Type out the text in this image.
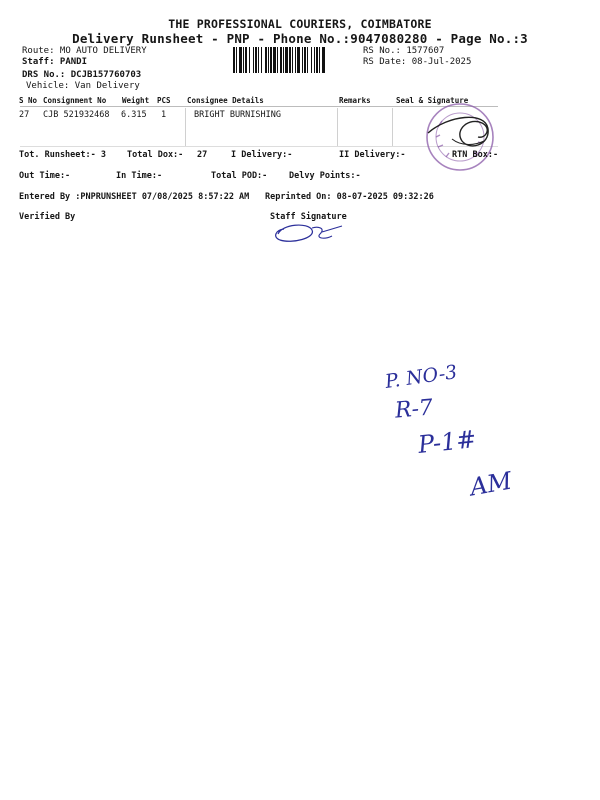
THE PROFESSIONAL COURIERS, COIMBATORE
Delivery Runsheet - PNP - Phone No.:9047080280 - Page No.:3
Route: MO AUTO DELIVERY
Staff: PANDI
DRS No.: DCJB157760703
Vehicle: Van Delivery
RS No.: 1577607
RS Date: 08-Jul-2025
S No Consignment No Weight PCS Consignee Details	Remarks	Seal & Signature
27 CJB 521932468 6.315 1	BRIGHT BURNISHING
Tot. Runsheet:- 3 Total Dox:- 27	I Delivery:-	II Delivery:-	RTN Box:-
Out Time:-	In Time:-	Total POD:-	Delvy Points:-
Entered By :PNPRUNSHEET 07/08/2025 8:57:22 AM Reprinted On: 08-07-2025 09:32:26
Verified By	Staff Signature
P. NO-3
R-7
P-1#
AM
